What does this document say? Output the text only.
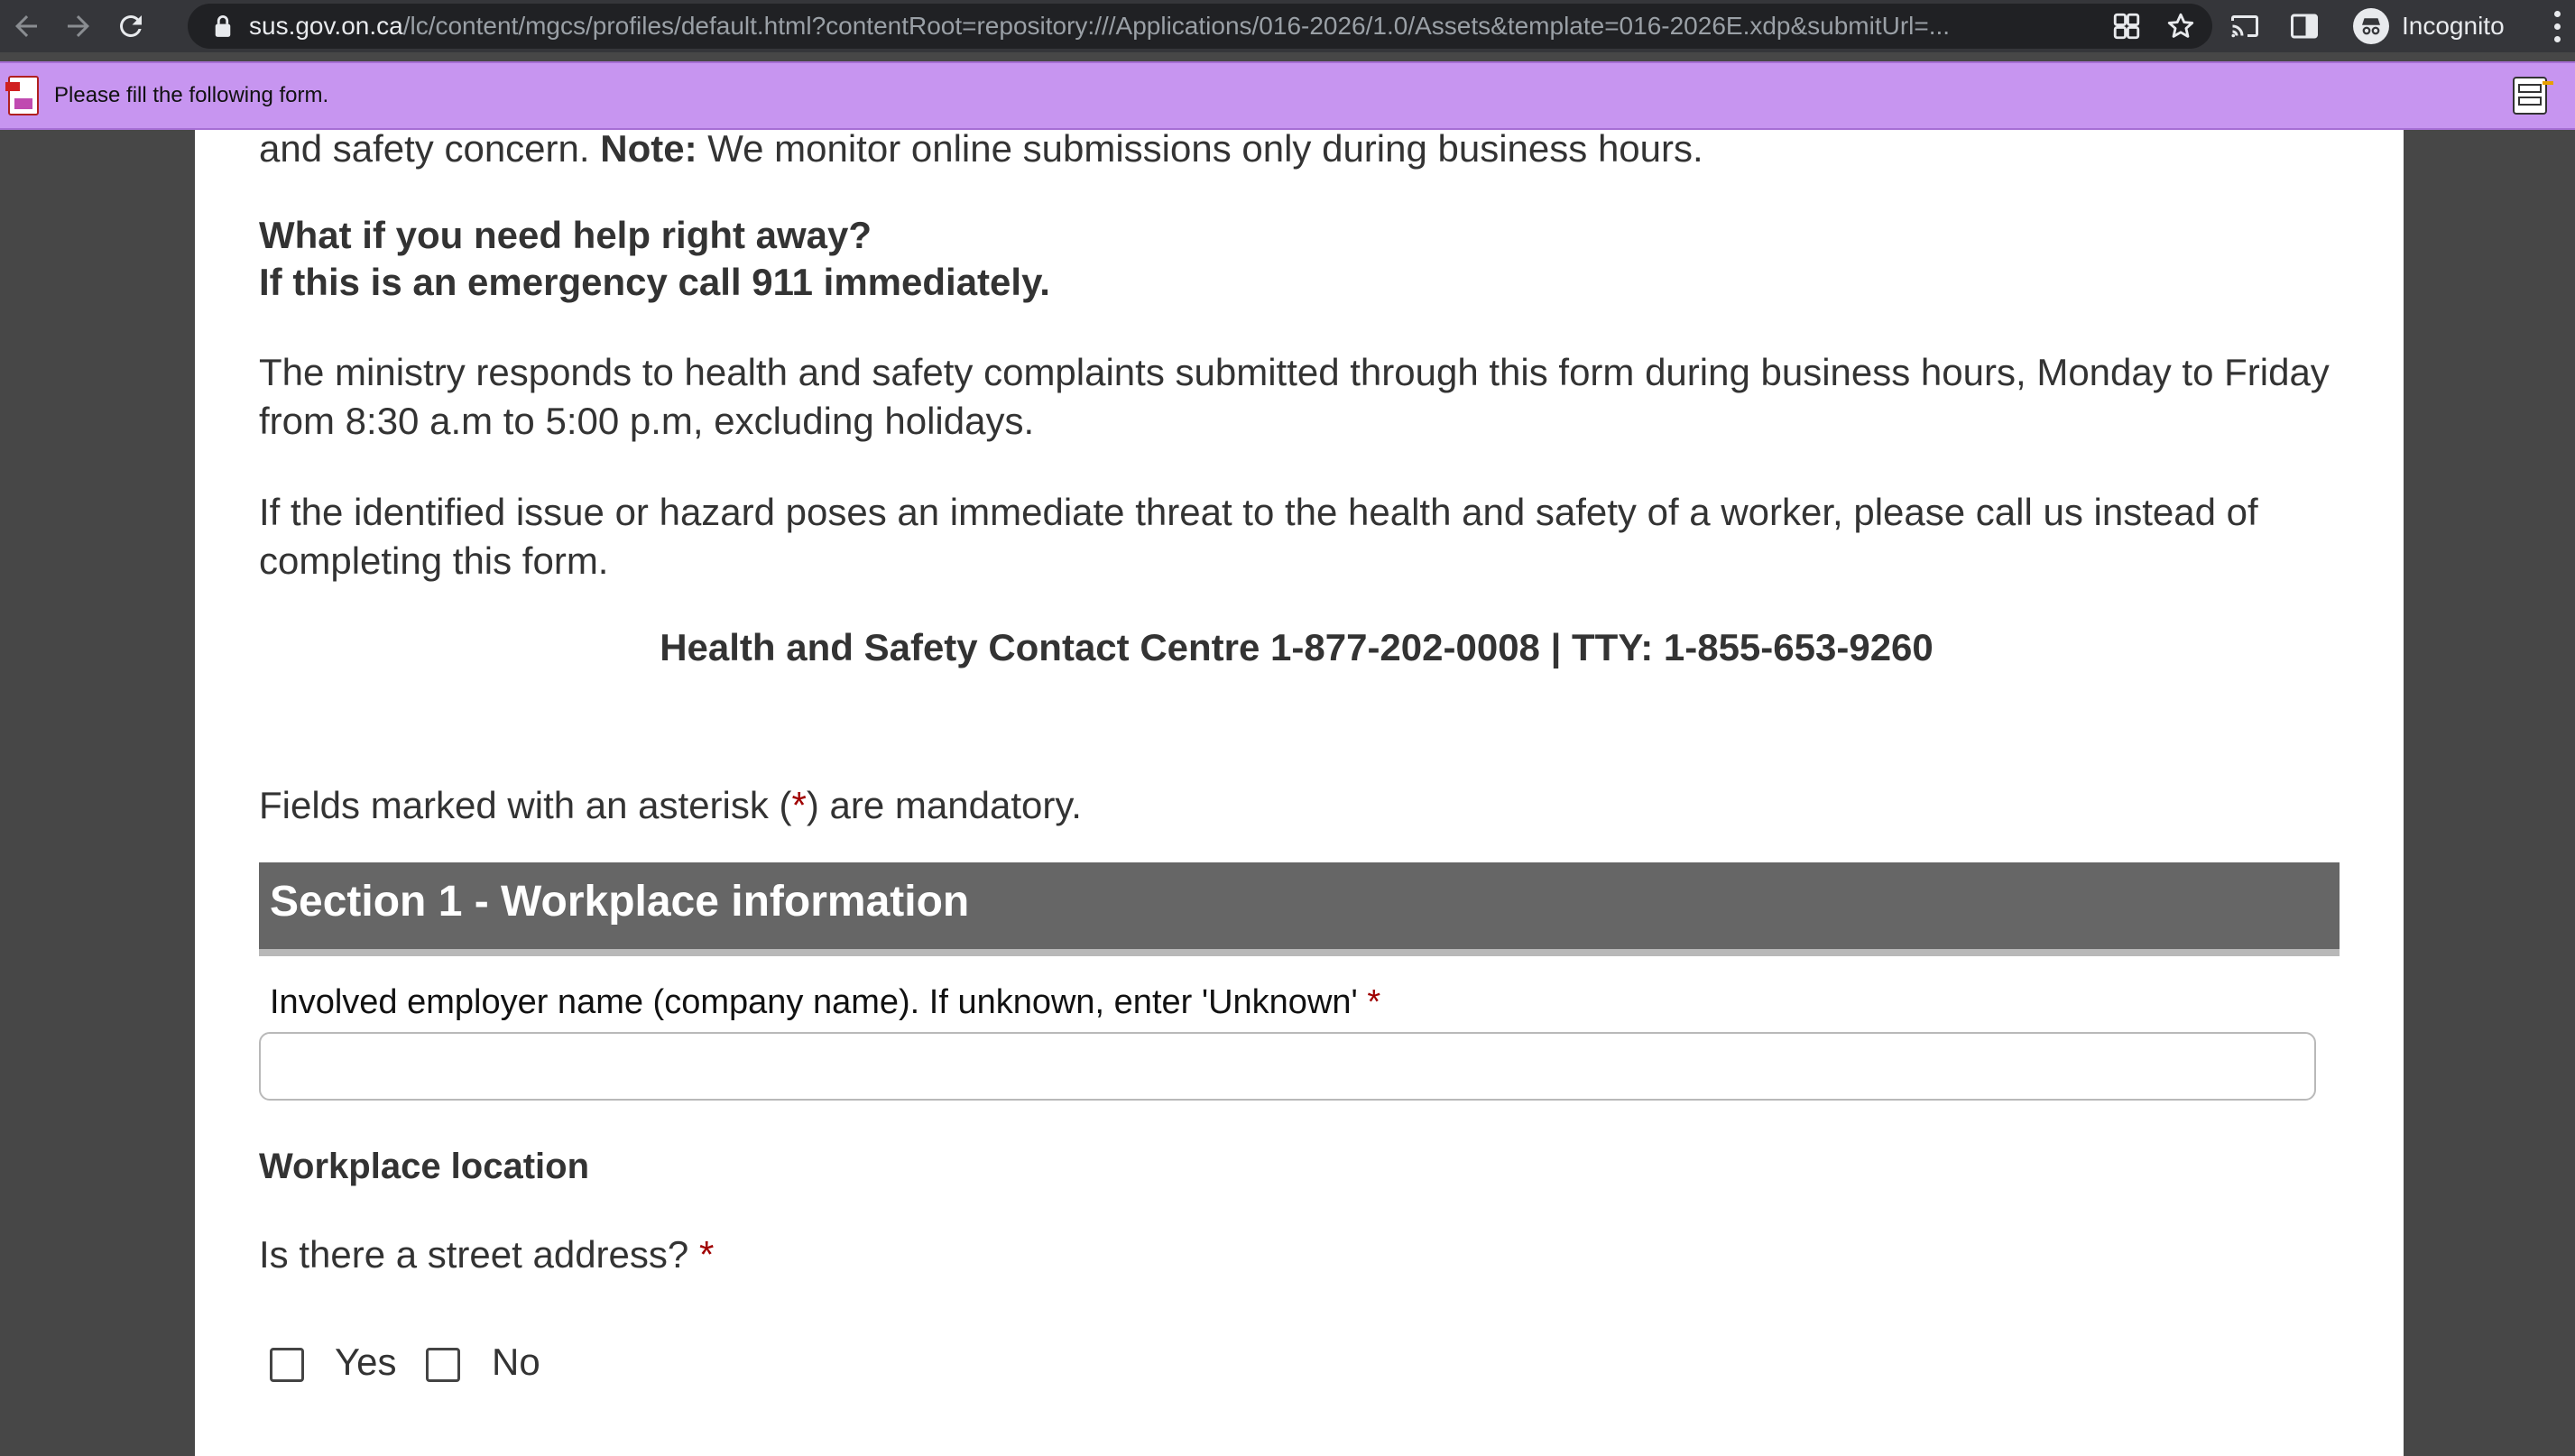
sus.gov.on.ca/lc/content/mgcs/profiles/default.html?contentRoot=repository:///Applications/016-2026/1.0/Assets&template=016-2026E.xdp&submitUrl=...	Incognito
Please fill the following form.

and safety concern. Note: We monitor online submissions only during business hours.

What if you need help right away?

If this is an emergency call 911 immediately.

The ministry responds to health and safety complaints submitted through this form during business hours, Monday to Friday from 8:30 a.m to 5:00 p.m, excluding holidays.

If the identified issue or hazard poses an immediate threat to the health and safety of a worker, please call us instead of completing this form.

Health and Safety Contact Centre 1-877-202-0008 | TTY: 1-855-653-9260

Fields marked with an asterisk (*) are mandatory.

Section 1 - Workplace information
Involved employer name (company name). If unknown, enter 'Unknown' *
Workplace location
Is there a street address? *
Yes	No
